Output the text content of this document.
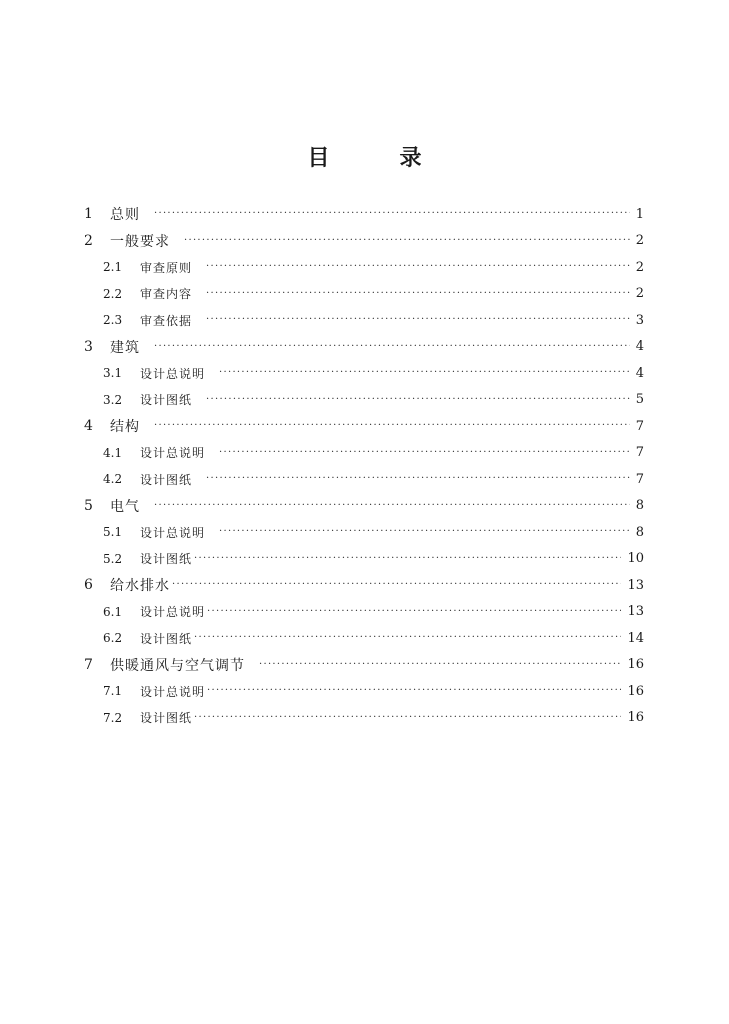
目　录
1	总则 ·····	1
2	一般要求 ·····	2
2.1	审查原则 ·····	2
2.2	审查内容 ·····	2
2.3	审查依据 ·····	3
3	建筑 ·····	4
3.1	设计总说明 ·····	4
3.2	设计图纸 ·····	5
4	结构 ·····	7
4.1	设计总说明 ·····	7
4.2	设计图纸 ·····	7
5	电气 ·····	8
5.1	设计总说明 ·····	8
5.2	设计图纸 ·····	10
6	给水排水 ·····	13
6.1	设计总说明 ·····	13
6.2	设计图纸 ·····	14
7	供暖通风与空气调节 ·····	16
7.1	设计总说明 ·····	16
7.2	设计图纸 ·····	16
